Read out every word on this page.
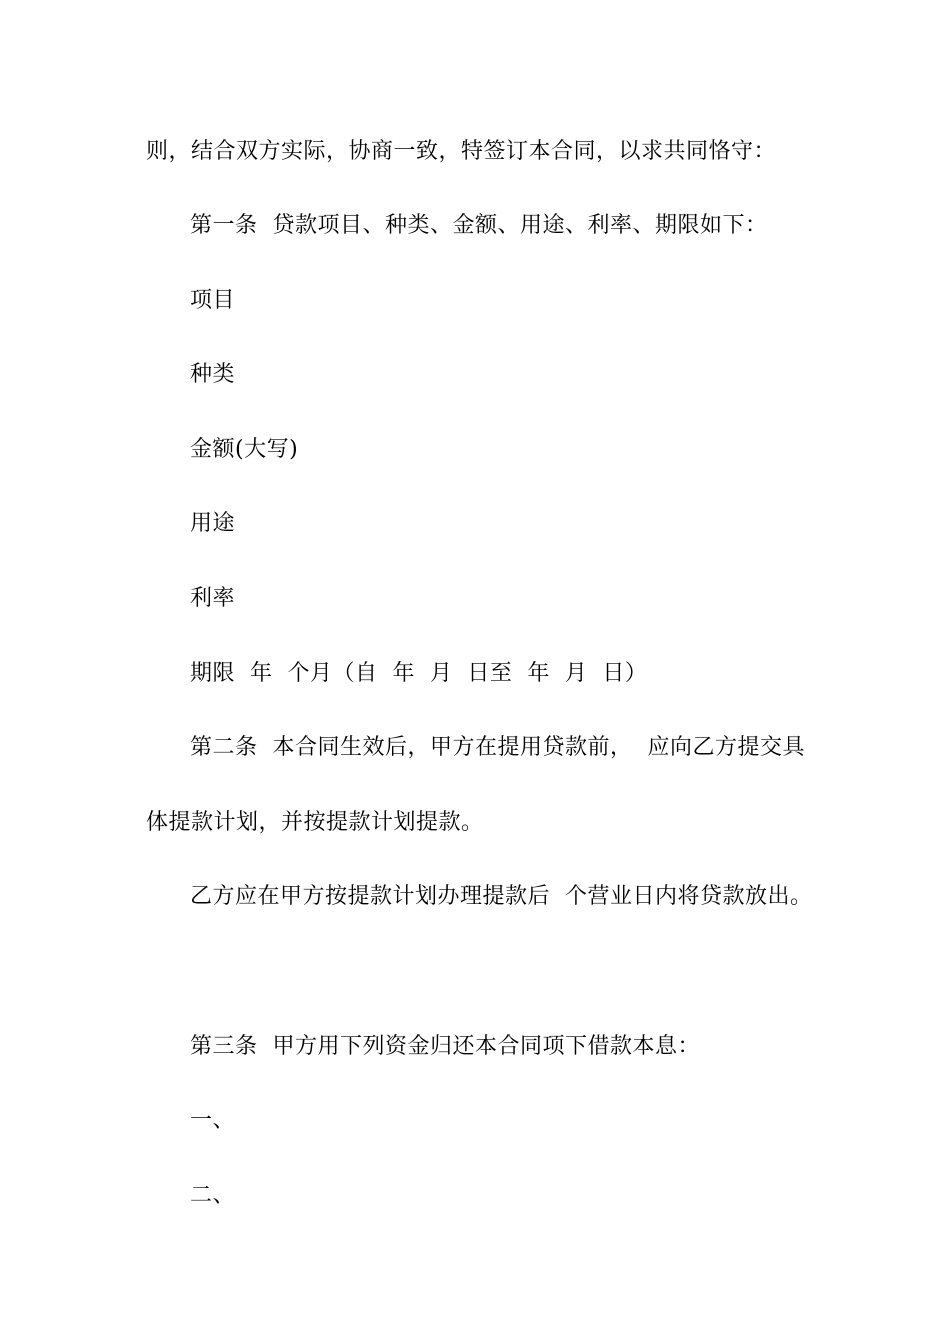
则，结合双方实际，协商一致，特签订本合同，以求共同恪守：
第一条  贷款项目、种类、金额、用途、利率、期限如下：
项目
种类
金额(大写)
用途
利率
期限  年  个月（自  年  月  日至  年  月  日）
第二条  本合同生效后，甲方在提用贷款前，  应向乙方提交具
体提款计划，并按提款计划提款。
乙方应在甲方按提款计划办理提款后  个营业日内将贷款放出。
第三条  甲方用下列资金归还本合同项下借款本息：
一、
二、
